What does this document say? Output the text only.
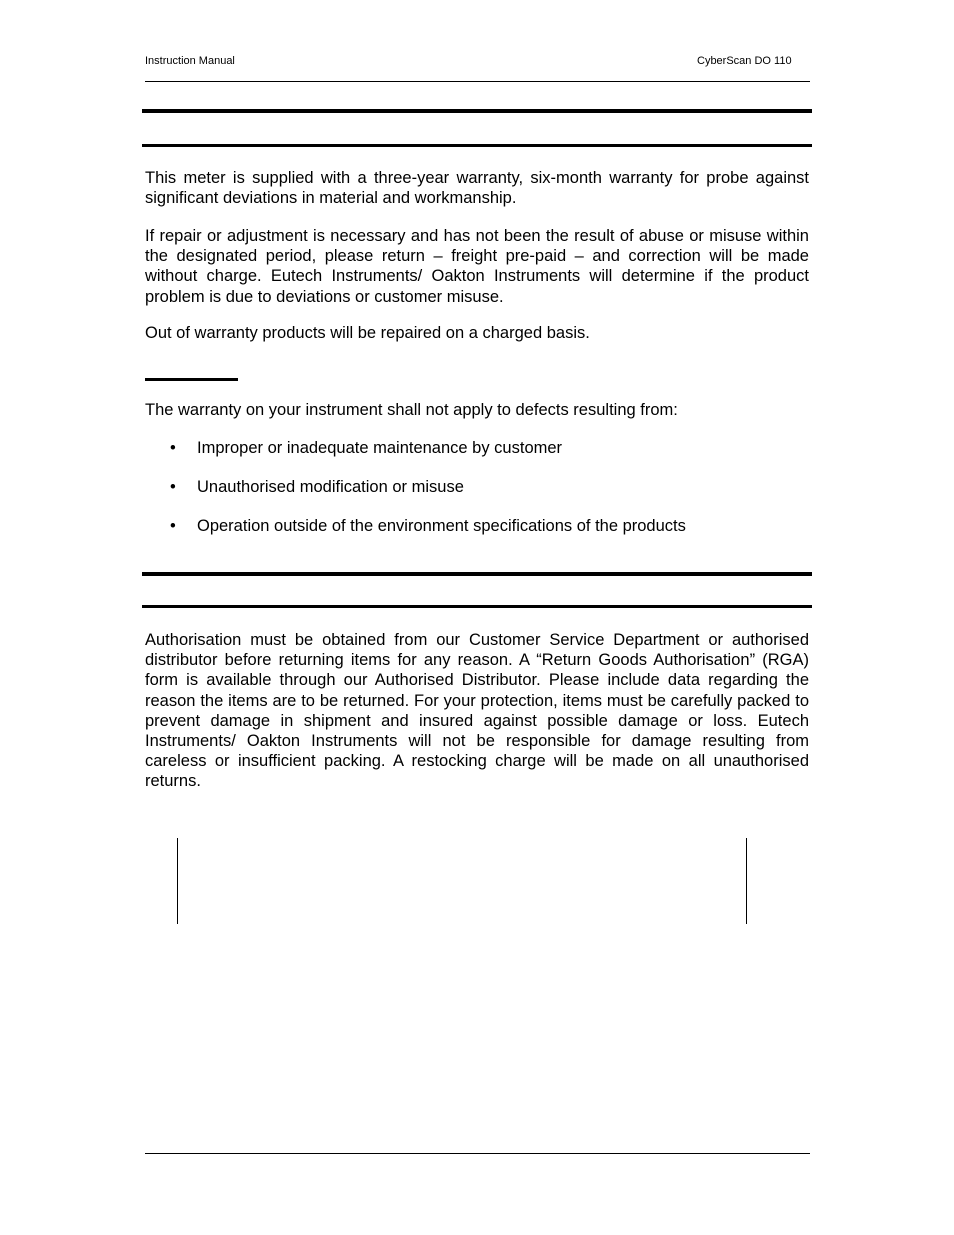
Instruction Manual	CyberScan DO 110

This meter is supplied with a three-year warranty, six-month warranty for probe against significant deviations in material and workmanship.

If repair or adjustment is necessary and has not been the result of abuse or misuse within the designated period, please return – freight pre-paid – and correction will be made without charge. Eutech Instruments/ Oakton Instruments will determine if the product problem is due to deviations or customer misuse.

Out of warranty products will be repaired on a charged basis.

The warranty on your instrument shall not apply to defects resulting from:

• Improper or inadequate maintenance by customer
• Unauthorised modification or misuse
• Operation outside of the environment specifications of the products

Authorisation must be obtained from our Customer Service Department or authorised distributor before returning items for any reason. A “Return Goods Authorisation” (RGA) form is available through our Authorised Distributor. Please include data regarding the reason the items are to be returned. For your protection, items must be carefully packed to prevent damage in shipment and insured against possible damage or loss. Eutech Instruments/ Oakton Instruments will not be responsible for damage resulting from careless or insufficient packing. A restocking charge will be made on all unauthorised returns.
